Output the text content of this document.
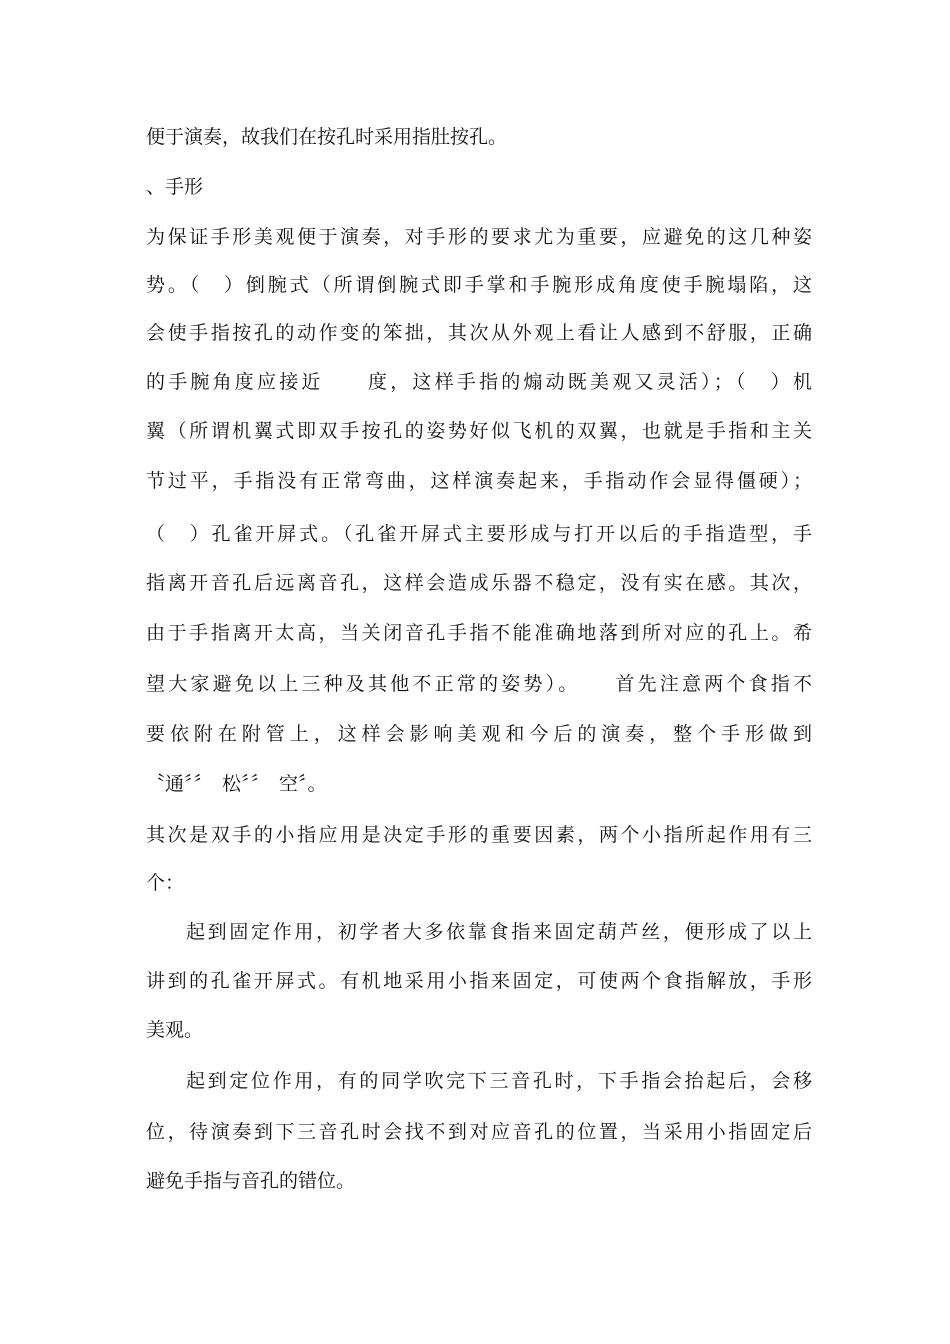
便于演奏，故我们在按孔时采用指肚按孔。
、手形
为保证手形美观便于演奏，对手形的要求尤为重要，应避免的这几种姿
势。（　）倒腕式（所谓倒腕式即手掌和手腕形成角度使手腕塌陷，这
会使手指按孔的动作变的笨拙，其次从外观上看让人感到不舒服，正确
的手腕角度应接近　　度，这样手指的煽动既美观又灵活）；（　）机
翼（所谓机翼式即双手按孔的姿势好似飞机的双翼，也就是手指和主关
节过平，手指没有正常弯曲，这样演奏起来，手指动作会显得僵硬）；
（　）孔雀开屏式。（孔雀开屏式主要形成与打开以后的手指造型，手
指离开音孔后远离音孔，这样会造成乐器不稳定，没有实在感。其次，
由于手指离开太高，当关闭音孔手指不能准确地落到所对应的孔上。希
望大家避免以上三种及其他不正常的姿势）。　　首先注意两个食指不
要依附在附管上，这样会影响美观和今后的演奏，整个手形做到
〝通〞〞　松〞〞　空〞。
其次是双手的小指应用是决定手形的重要因素，两个小指所起作用有三
个：
起到固定作用，初学者大多依靠食指来固定葫芦丝，便形成了以上
讲到的孔雀开屏式。有机地采用小指来固定，可使两个食指解放，手形
美观。
起到定位作用，有的同学吹完下三音孔时，下手指会抬起后，会移
位，待演奏到下三音孔时会找不到对应音孔的位置，当采用小指固定后
避免手指与音孔的错位。
